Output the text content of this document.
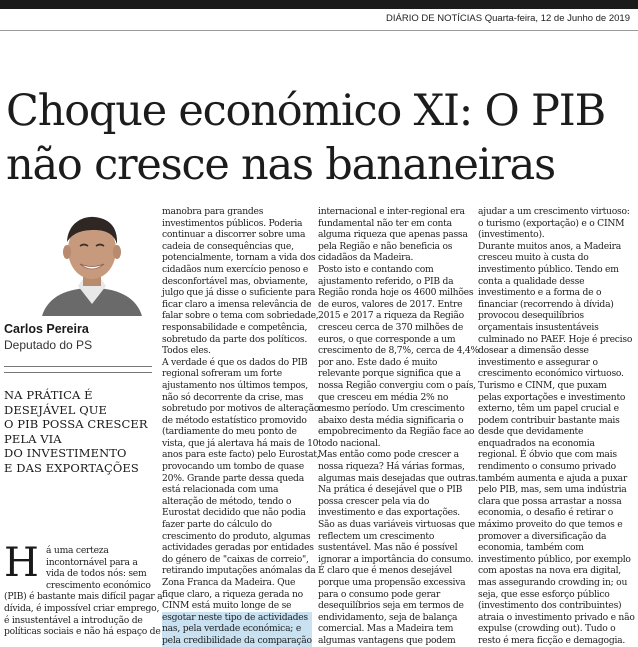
DIÁRIO DE NOTÍCIAS Quarta-feira, 12 de Junho de 2019
Choque económico XI: O PIB
não cresce nas bananeiras
Carlos Pereira
Deputado do PS
NA PRÁTICA É
DESEJÁVEL QUE
O PIB POSSA CRESCER
PELA VIA
DO INVESTIMENTO
E DAS EXPORTAÇÕES
H á uma certeza
incontornável para a
vida de todos nós: sem
crescimento económico
(PIB) é bastante mais difícil pagar a
dívida, é impossível criar emprego,
é insustentável a introdução de
políticas sociais e não há espaço de
manobra para grandes
investimentos públicos. Poderia
continuar a discorrer sobre uma
cadeia de consequências que,
potencialmente, tornam a vida dos
cidadãos num exercício penoso e
desconfortável mas, obviamente,
julgo que já disse o suficiente para
ficar claro a imensa relevância de
falar sobre o tema com sobriedade,
responsabilidade e competência,
sobretudo da parte dos políticos.
Todos eles.
A verdade é que os dados do PIB
regional sofreram um forte
ajustamento nos últimos tempos,
não só decorrente da crise, mas
sobretudo por motivos de alteração
de método estatístico promovido
(tardiamente do meu ponto de
vista, que já alertava há mais de 10
anos para este facto) pelo Eurostat,
provocando um tombo de quase
20%. Grande parte dessa queda
está relacionada com uma
alteração de método, tendo o
Eurostat decidido que não podia
fazer parte do cálculo do
crescimento do produto, algumas
actividades geradas por entidades
do género de "caixas de correio",
retirando imputações anómalas da
Zona Franca da Madeira. Que
fique claro, a riqueza gerada no
CINM está muito longe de se
esgotar neste tipo de actividades
nas, pela verdade económica; e
pela credibilidade da comparação
internacional e inter-regional era
fundamental não ter em conta
alguma riqueza que apenas passa
pela Região e não beneficia os
cidadãos da Madeira.
Posto isto e contando com
ajustamento referido, o PIB da
Região ronda hoje os 4600 milhões
de euros, valores de 2017. Entre
2015 e 2017 a riqueza da Região
cresceu cerca de 370 milhões de
euros, o que corresponde a um
crescimento de 8,7%, cerca de 4,4%
por ano. Este dado é muito
relevante porque significa que a
nossa Região convergiu com o país,
que cresceu em média 2% no
mesmo período. Um crescimento
abaixo desta média significaria o
empobrecimento da Região face ao
todo nacional.
Mas então como pode crescer a
nossa riqueza? Há várias formas,
algumas mais desejadas que outras.
Na prática é desejável que o PIB
possa crescer pela via do
investimento e das exportações.
São as duas variáveis virtuosas que
reflectem um crescimento
sustentável. Mas não é possível
ignorar a importância do consumo.
É claro que é menos desejável
porque uma propensão excessiva
para o consumo pode gerar
desequilíbrios seja em termos de
endividamento, seja de balança
comercial. Mas a Madeira tem
algumas vantagens que podem
ajudar a um crescimento virtuoso:
o turismo (exportação) e o CINM
(investimento).
Durante muitos anos, a Madeira
cresceu muito à custa do
investimento público. Tendo em
conta a qualidade desse
investimento e a forma de o
financiar (recorrendo à dívida)
provocou desequilíbrios
orçamentais insustentáveis
culminado no PAEF. Hoje é preciso
dosear a dimensão desse
investimento e assegurar o
crescimento económico virtuoso.
Turismo e CINM, que puxam
pelas exportações e investimento
externo, têm um papel crucial e
podem contribuir bastante mais
desde que devidamente
enquadrados na economia
regional. É óbvio que com mais
rendimento o consumo privado
também aumenta e ajuda a puxar
pelo PIB, mas, sem uma indústria
clara que possa arrastar a nossa
economia, o desafio é retirar o
máximo proveito do que temos e
promover a diversificação da
economia, também com
investimento público, por exemplo
com apostas na nova era digital,
mas assegurando crowding in; ou
seja, que esse esforço público
(investimento dos contribuintes)
atraia o investimento privado e não
expulse (crowding out). Tudo o
resto é mera ficção e demagogia.
